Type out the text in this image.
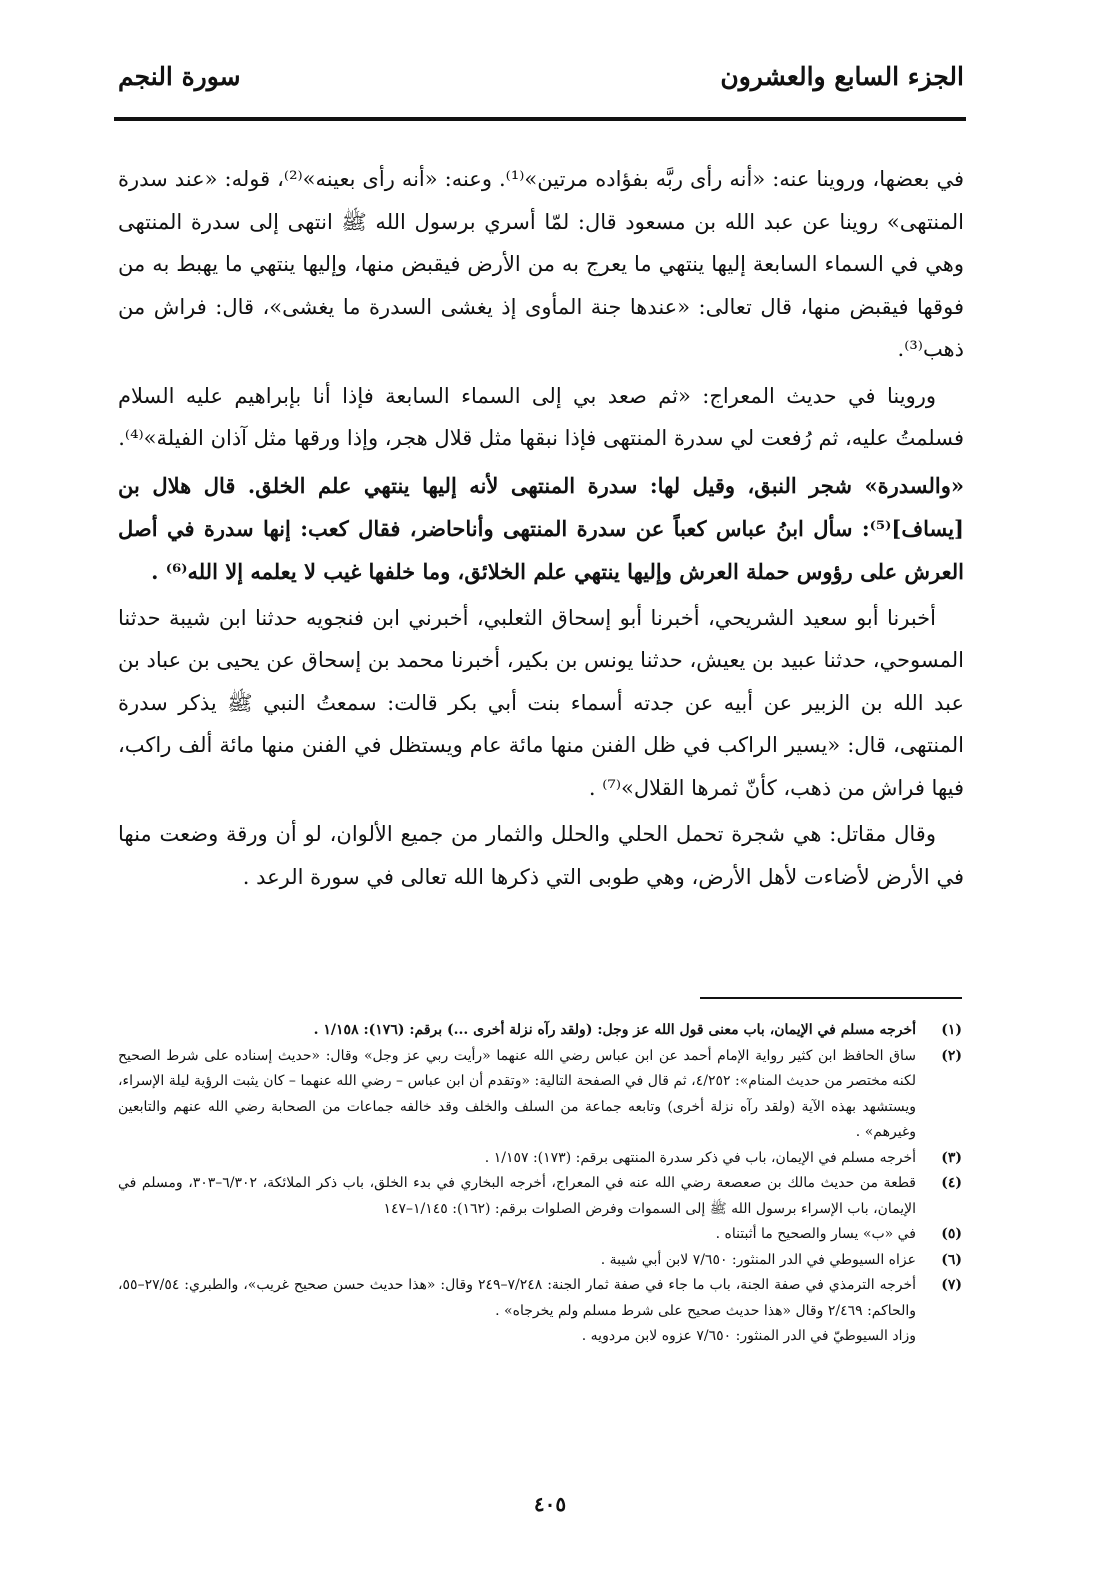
الجزء السابع والعشرون
سورة النجم

في بعضها، وروينا عنه: «أنه رأى ربَّه بفؤاده مرتين»⁽¹⁾. وعنه: «أنه رأى بعينه»⁽²⁾، قوله: «عند سدرة المنتهى» روينا عن عبد الله بن مسعود قال: لمّا أسري برسول الله ﷺ انتهى إلى سدرة المنتهى وهي في السماء السابعة إليها ينتهي ما يعرج به من الأرض فيقبض منها، وإليها ينتهي ما يهبط به من فوقها فيقبض منها، قال تعالى: «عندها جنة المأوى إذ يغشى السدرة ما يغشى»، قال: فراش من ذهب⁽³⁾.

وروينا في حديث المعراج: «ثم صعد بي إلى السماء السابعة فإذا أنا بإبراهيم عليه السلام فسلمتُ عليه، ثم رُفعت لي سدرة المنتهى فإذا نبقها مثل قلال هجر، وإذا ورقها مثل آذان الفيلة»⁽⁴⁾.

«والسدرة» شجر النبق، وقيل لها: سدرة المنتهى لأنه إليها ينتهي علم الخلق. قال هلال بن [يساف]⁽⁵⁾: سأل ابنُ عباس كعباً عن سدرة المنتهى وأناحاضر، فقال كعب: إنها سدرة في أصل العرش على رؤوس حملة العرش وإليها ينتهي علم الخلائق، وما خلفها غيب لا يعلمه إلا الله⁽⁶⁾ .

أخبرنا أبو سعيد الشريحي، أخبرنا أبو إسحاق الثعلبي، أخبرني ابن فنجويه حدثنا ابن شيبة حدثنا المسوحي، حدثنا عبيد بن يعيش، حدثنا يونس بن بكير، أخبرنا محمد بن إسحاق عن يحيى بن عباد بن عبد الله بن الزبير عن أبيه عن جدته أسماء بنت أبي بكر قالت: سمعتُ النبي ﷺ يذكر سدرة المنتهى، قال: «يسير الراكب في ظل الفنن منها مائة عام ويستظل في الفنن منها مائة ألف راكب، فيها فراش من ذهب، كأنّ ثمرها القلال»⁽⁷⁾ .

وقال مقاتل: هي شجرة تحمل الحلي والحلل والثمار من جميع الألوان، لو أن ورقة وضعت منها في الأرض لأضاءت لأهل الأرض، وهي طوبى التي ذكرها الله تعالى في سورة الرعد .

(١)
أخرجه مسلم في الإيمان، باب معنى قول الله عز وجل: (ولقد رآه نزلة أخرى ...) برقم: (١٧٦): ١/١٥٨ .
(٢)
ساق الحافظ ابن كثير رواية الإمام أحمد عن ابن عباس رضي الله عنهما «رأيت ربي عز وجل» وقال: «حديث إسناده على شرط الصحيح لكنه مختصر من حديث المنام»: ٤/٢٥٢، ثم قال في الصفحة التالية: «وتقدم أن ابن عباس – رضي الله عنهما – كان يثبت الرؤية ليلة الإسراء، ويستشهد بهذه الآية (ولقد رآه نزلة أخرى) وتابعه جماعة من السلف والخلف وقد خالفه جماعات من الصحابة رضي الله عنهم والتابعين وغيرهم» .
(٣)
أخرجه مسلم في الإيمان، باب في ذكر سدرة المنتهى برقم: (١٧٣): ١/١٥٧ .
(٤)
قطعة من حديث مالك بن صعصعة رضي الله عنه في المعراج، أخرجه البخاري في بدء الخلق، باب ذكر الملائكة، ٦/٣٠٢–٣٠٣، ومسلم في الإيمان، باب الإسراء برسول الله ﷺ إلى السموات وفرض الصلوات برقم: (١٦٢): ١/١٤٥–١٤٧
(٥)
في «ب» يسار والصحيح ما أثبتناه .
(٦)
عزاه السيوطي في الدر المنثور: ٧/٦٥٠ لابن أبي شيبة .
(٧)
أخرجه الترمذي في صفة الجنة، باب ما جاء في صفة ثمار الجنة: ٧/٢٤٨–٢٤٩ وقال: «هذا حديث حسن صحيح غريب»، والطبري: ٢٧/٥٤–٥٥، والحاكم: ٢/٤٦٩ وقال «هذا حديث صحيح على شرط مسلم ولم يخرجاه» .
وزاد السيوطيّ في الدر المنثور: ٧/٦٥٠ عزوه لابن مردويه .
٤٠٥
